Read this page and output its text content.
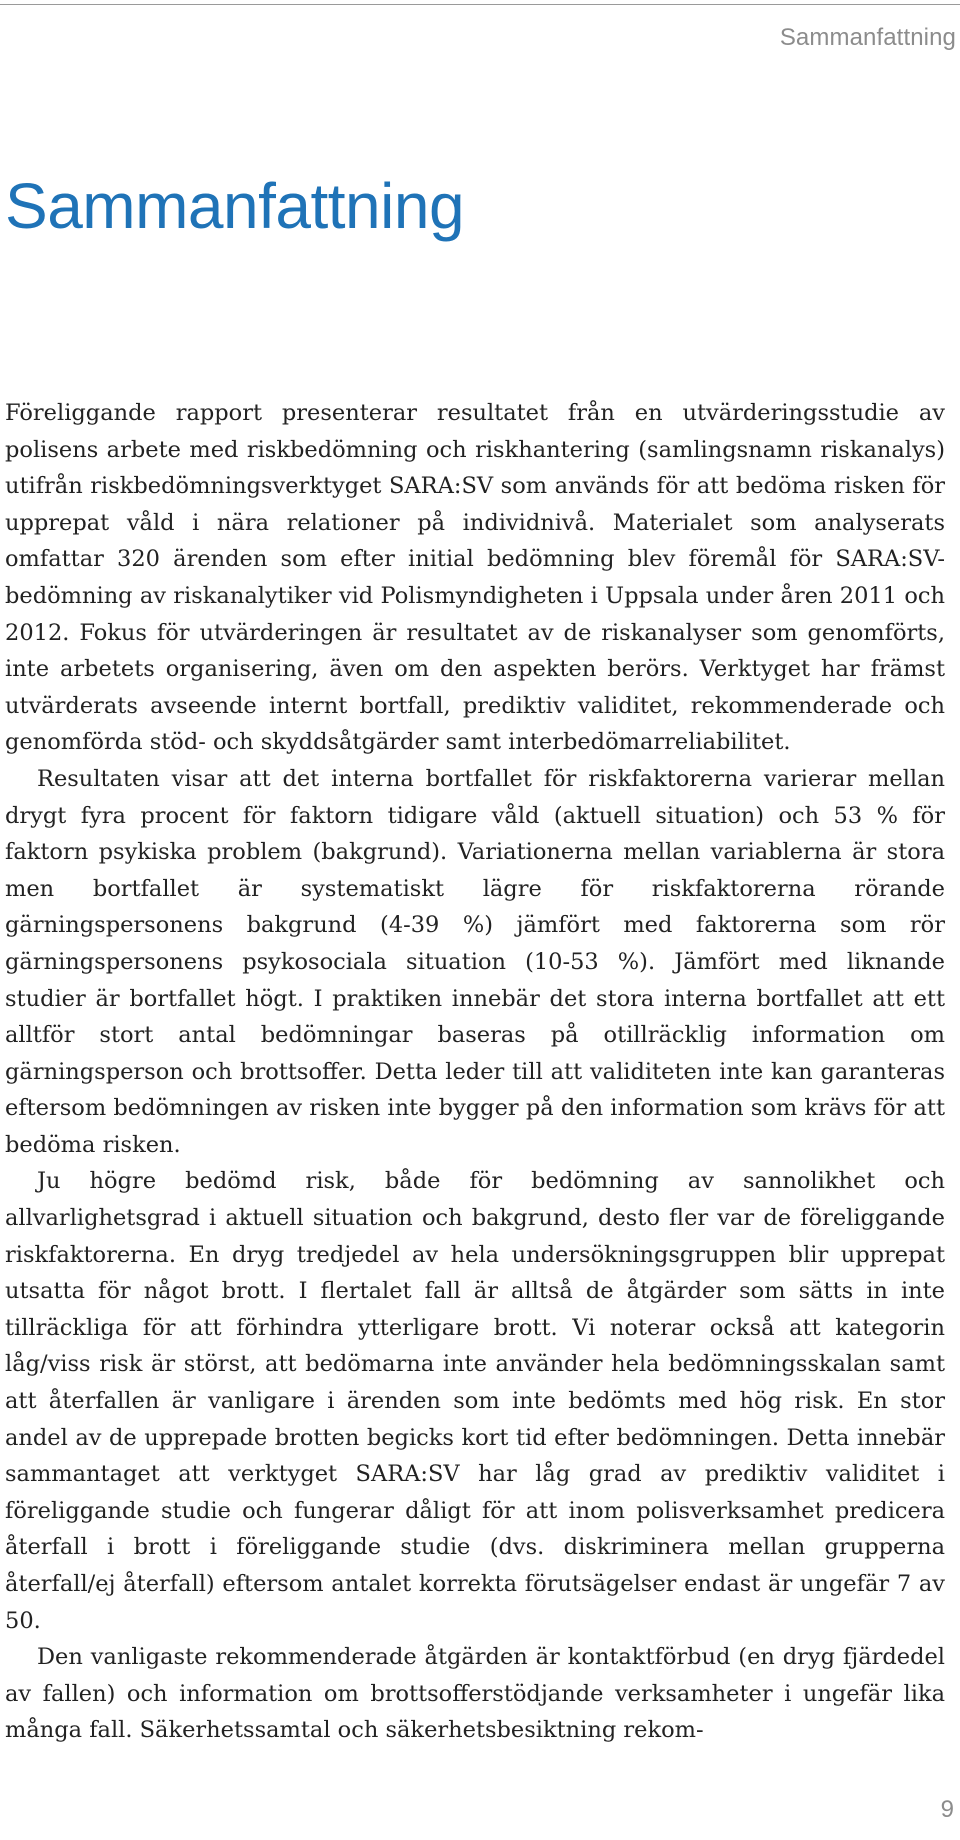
Sammanfattning
Sammanfattning

Föreliggande rapport presenterar resultatet från en utvärderingsstudie av polisens arbete med riskbedömning och riskhantering (samlingsnamn riskanalys) utifrån riskbedömningsverktyget SARA:SV som används för att bedöma risken för upprepat våld i nära relationer på individnivå. Materialet som analyserats omfattar 320 ärenden som efter initial bedömning blev föremål för SARA:SV-bedömning av riskanalytiker vid Polismyndigheten i Uppsala under åren 2011 och 2012. Fokus för utvärderingen är resultatet av de riskanalyser som genomförts, inte arbetets organisering, även om den aspekten berörs. Verktyget har främst utvärderats avseende internt bortfall, prediktiv validitet, rekommenderade och genomförda stöd- och skyddsåtgärder samt interbedömarreliabilitet.

Resultaten visar att det interna bortfallet för riskfaktorerna varierar mellan drygt fyra procent för faktorn tidigare våld (aktuell situation) och 53 % för faktorn psykiska problem (bakgrund). Variationerna mellan variablerna är stora men bortfallet är systematiskt lägre för riskfaktorerna rörande gärningspersonens bakgrund (4-39 %) jämfört med faktorerna som rör gärningspersonens psykosociala situation (10-53 %). Jämfört med liknande studier är bortfallet högt. I praktiken innebär det stora interna bortfallet att ett alltför stort antal bedömningar baseras på otillräcklig information om gärningsperson och brottsoffer. Detta leder till att validiteten inte kan garanteras eftersom bedömningen av risken inte bygger på den information som krävs för att bedöma risken.

Ju högre bedömd risk, både för bedömning av sannolikhet och allvarlighetsgrad i aktuell situation och bakgrund, desto fler var de föreliggande riskfaktorerna. En dryg tredjedel av hela undersökningsgruppen blir upprepat utsatta för något brott. I flertalet fall är alltså de åtgärder som sätts in inte tillräckliga för att förhindra ytterligare brott. Vi noterar också att kategorin låg/viss risk är störst, att bedömarna inte använder hela bedömningsskalan samt att återfallen är vanligare i ärenden som inte bedömts med hög risk. En stor andel av de upprepade brotten begicks kort tid efter bedömningen. Detta innebär sammantaget att verktyget SARA:SV har låg grad av prediktiv validitet i föreliggande studie och fungerar dåligt för att inom polisverksamhet predicera återfall i brott i föreliggande studie (dvs. diskriminera mellan grupperna återfall/ej återfall) eftersom antalet korrekta förutsägelser endast är ungefär 7 av 50.

Den vanligaste rekommenderade åtgärden är kontaktförbud (en dryg fjärdedel av fallen) och information om brottsofferstödjande verksamheter i ungefär lika många fall. Säkerhetssamtal och säkerhetsbesiktning rekom-

9
